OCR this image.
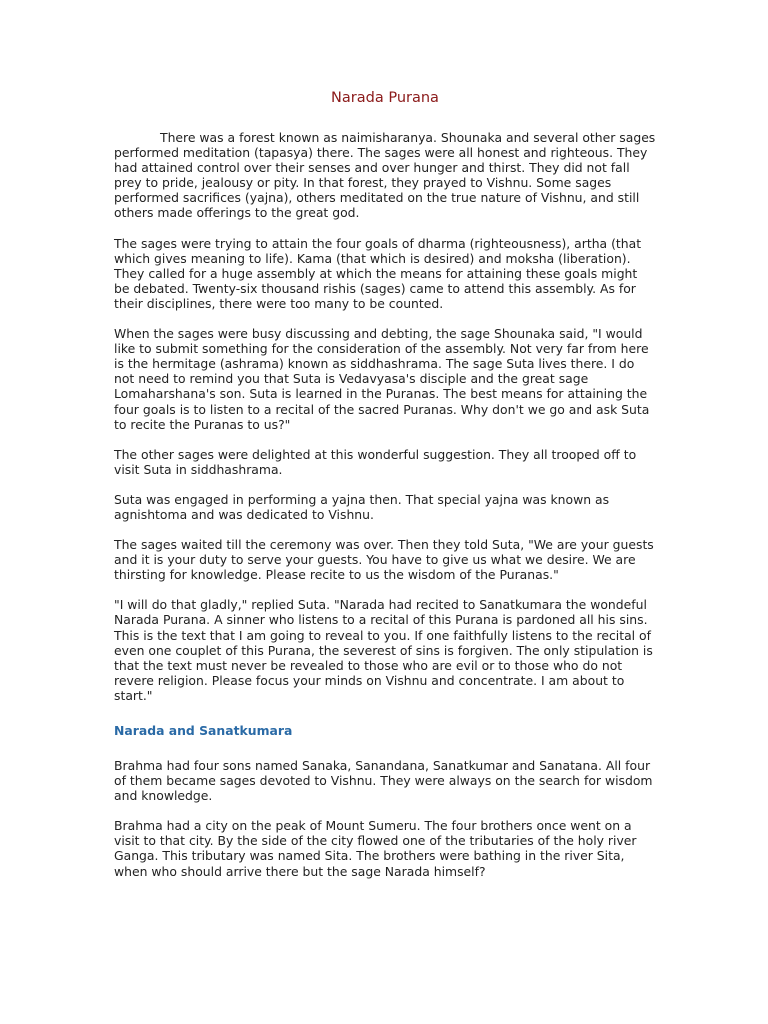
Narada Purana

There was a forest known as naimisharanya. Shounaka and several other sages performed meditation (tapasya) there. The sages were all honest and righteous. They had attained control over their senses and over hunger and thirst. They did not fall prey to pride, jealousy or pity. In that forest, they prayed to Vishnu. Some sages performed sacrifices (yajna), others meditated on the true nature of Vishnu, and still others made offerings to the great god.

The sages were trying to attain the four goals of dharma (righteousness), artha (that which gives meaning to life). Kama (that which is desired) and moksha (liberation). They called for a huge assembly at which the means for attaining these goals might be debated. Twenty-six thousand rishis (sages) came to attend this assembly. As for their disciplines, there were too many to be counted.

When the sages were busy discussing and debting, the sage Shounaka said, "I would like to submit something for the consideration of the assembly. Not very far from here is the hermitage (ashrama) known as siddhashrama. The sage Suta lives there. I do not need to remind you that Suta is Vedavyasa's disciple and the great sage Lomaharshana's son. Suta is learned in the Puranas. The best means for attaining the four goals is to listen to a recital of the sacred Puranas. Why don't we go and ask Suta to recite the Puranas to us?"

The other sages were delighted at this wonderful suggestion. They all trooped off to visit Suta in siddhashrama.

Suta was engaged in performing a yajna then. That special yajna was known as agnishtoma and was dedicated to Vishnu.

The sages waited till the ceremony was over. Then they told Suta, "We are your guests and it is your duty to serve your guests. You have to give us what we desire. We are thirsting for knowledge. Please recite to us the wisdom of the Puranas."

"I will do that gladly," replied Suta. "Narada had recited to Sanatkumara the wondeful Narada Purana. A sinner who listens to a recital of this Purana is pardoned all his sins. This is the text that I am going to reveal to you. If one faithfully listens to the recital of even one couplet of this Purana, the severest of sins is forgiven. The only stipulation is that the text must never be revealed to those who are evil or to those who do not revere religion. Please focus your minds on Vishnu and concentrate. I am about to start."

Narada and Sanatkumara

Brahma had four sons named Sanaka, Sanandana, Sanatkumar and Sanatana. All four of them became sages devoted to Vishnu. They were always on the search for wisdom and knowledge.

Brahma had a city on the peak of Mount Sumeru. The four brothers once went on a visit to that city. By the side of the city flowed one of the tributaries of the holy river Ganga. This tributary was named Sita. The brothers were bathing in the river Sita, when who should arrive there but the sage Narada himself?
